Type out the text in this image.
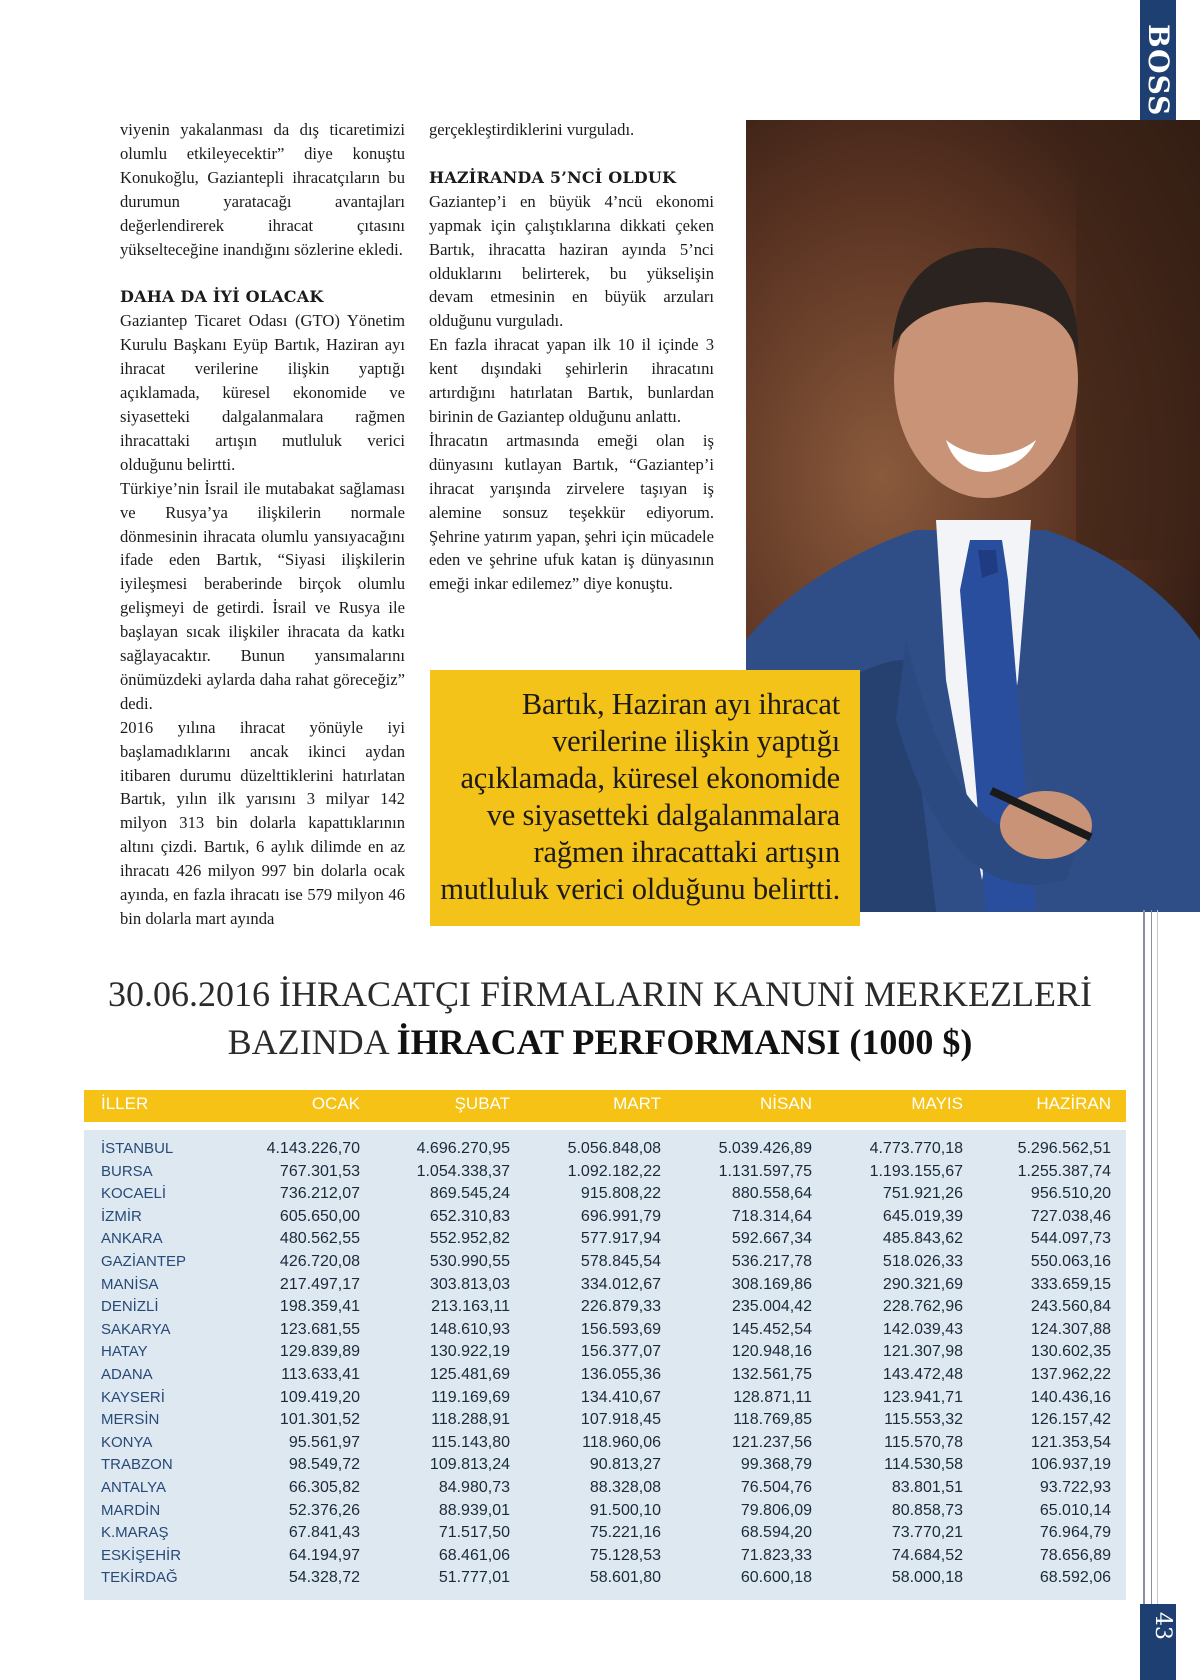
BOSS

viyenin yakalanması da dış ticaretimizi olumlu etkileyecektir” diye konuştu Konukoğlu, Gaziantepli ihracatçıların bu durumun yaratacağı avantajları değerlendirerek ihracat çıtasını yükselteceğine inandığını sözlerine ekledi.

DAHA DA İYİ OLACAK

Gaziantep Ticaret Odası (GTO) Yönetim Kurulu Başkanı Eyüp Bartık, Haziran ayı ihracat verilerine ilişkin yaptığı açıklamada, küresel ekonomide ve siyasetteki dalgalanmalara rağmen ihracattaki artışın mutluluk verici olduğunu belirtti.

Türkiye’nin İsrail ile mutabakat sağlaması ve Rusya’ya ilişkilerin normale dönmesinin ihracata olumlu yansıyacağını ifade eden Bartık, “Siyasi ilişkilerin iyileşmesi beraberinde birçok olumlu gelişmeyi de getirdi. İsrail ve Rusya ile başlayan sıcak ilişkiler ihracata da katkı sağlayacaktır. Bunun yansımalarını önümüzdeki aylarda daha rahat göreceğiz” dedi.

2016 yılına ihracat yönüyle iyi başlamadıklarını ancak ikinci aydan itibaren durumu düzelttiklerini hatırlatan Bartık, yılın ilk yarısını 3 milyar 142 milyon 313 bin dolarla kapattıklarının altını çizdi. Bartık, 6 aylık dilimde en az ihracatı 426 milyon 997 bin dolarla ocak ayında, en fazla ihracatı ise 579 milyon 46 bin dolarla mart ayında

gerçekleştirdiklerini vurguladı.

HAZİRANDA 5’NCİ OLDUK

Gaziantep’i en büyük 4’ncü ekonomi yapmak için çalıştıklarına dikkati çeken Bartık, ihracatta haziran ayında 5’nci olduklarını belirterek, bu yükselişin devam etmesinin en büyük arzuları olduğunu vurguladı.

En fazla ihracat yapan ilk 10 il içinde 3 kent dışındaki şehirlerin ihracatını artırdığını hatırlatan Bartık, bunlardan birinin de Gaziantep olduğunu anlattı.

İhracatın artmasında emeği olan iş dünyasını kutlayan Bartık, “Gaziantep’i ihracat yarışında zirvelere taşıyan iş alemine sonsuz teşekkür ediyorum. Şehrine yatırım yapan, şehri için mücadele eden ve şehrine ufuk katan iş dünyasının emeği inkar edilemez” diye konuştu.

Bartık, Haziran ayı ihracat verilerine ilişkin yaptığı açıklamada, küresel ekonomide ve siyasetteki dalgalanmalara rağmen ihracattaki artışın mutluluk verici olduğunu belirtti.
43
30.06.2016 İHRACATÇI FİRMALARIN KANUNİ MERKEZLERİ
BAZINDA İHRACAT PERFORMANSI (1000 $)
İLLER	OCAK	ŞUBAT	MART	NİSAN	MAYIS	HAZİRAN
İSTANBUL	4.143.226,70	4.696.270,95	5.056.848,08	5.039.426,89	4.773.770,18	5.296.562,51
BURSA	767.301,53	1.054.338,37	1.092.182,22	1.131.597,75	1.193.155,67	1.255.387,74
KOCAELİ	736.212,07	869.545,24	915.808,22	880.558,64	751.921,26	956.510,20
İZMİR	605.650,00	652.310,83	696.991,79	718.314,64	645.019,39	727.038,46
ANKARA	480.562,55	552.952,82	577.917,94	592.667,34	485.843,62	544.097,73
GAZİANTEP	426.720,08	530.990,55	578.845,54	536.217,78	518.026,33	550.063,16
MANİSA	217.497,17	303.813,03	334.012,67	308.169,86	290.321,69	333.659,15
DENİZLİ	198.359,41	213.163,11	226.879,33	235.004,42	228.762,96	243.560,84
SAKARYA	123.681,55	148.610,93	156.593,69	145.452,54	142.039,43	124.307,88
HATAY	129.839,89	130.922,19	156.377,07	120.948,16	121.307,98	130.602,35
ADANA	113.633,41	125.481,69	136.055,36	132.561,75	143.472,48	137.962,22
KAYSERİ	109.419,20	119.169,69	134.410,67	128.871,11	123.941,71	140.436,16
MERSİN	101.301,52	118.288,91	107.918,45	118.769,85	115.553,32	126.157,42
KONYA	95.561,97	115.143,80	118.960,06	121.237,56	115.570,78	121.353,54
TRABZON	98.549,72	109.813,24	90.813,27	99.368,79	114.530,58	106.937,19
ANTALYA	66.305,82	84.980,73	88.328,08	76.504,76	83.801,51	93.722,93
MARDİN	52.376,26	88.939,01	91.500,10	79.806,09	80.858,73	65.010,14
K.MARAŞ	67.841,43	71.517,50	75.221,16	68.594,20	73.770,21	76.964,79
ESKİŞEHİR	64.194,97	68.461,06	75.128,53	71.823,33	74.684,52	78.656,89
TEKİRDAĞ	54.328,72	51.777,01	58.601,80	60.600,18	58.000,18	68.592,06
